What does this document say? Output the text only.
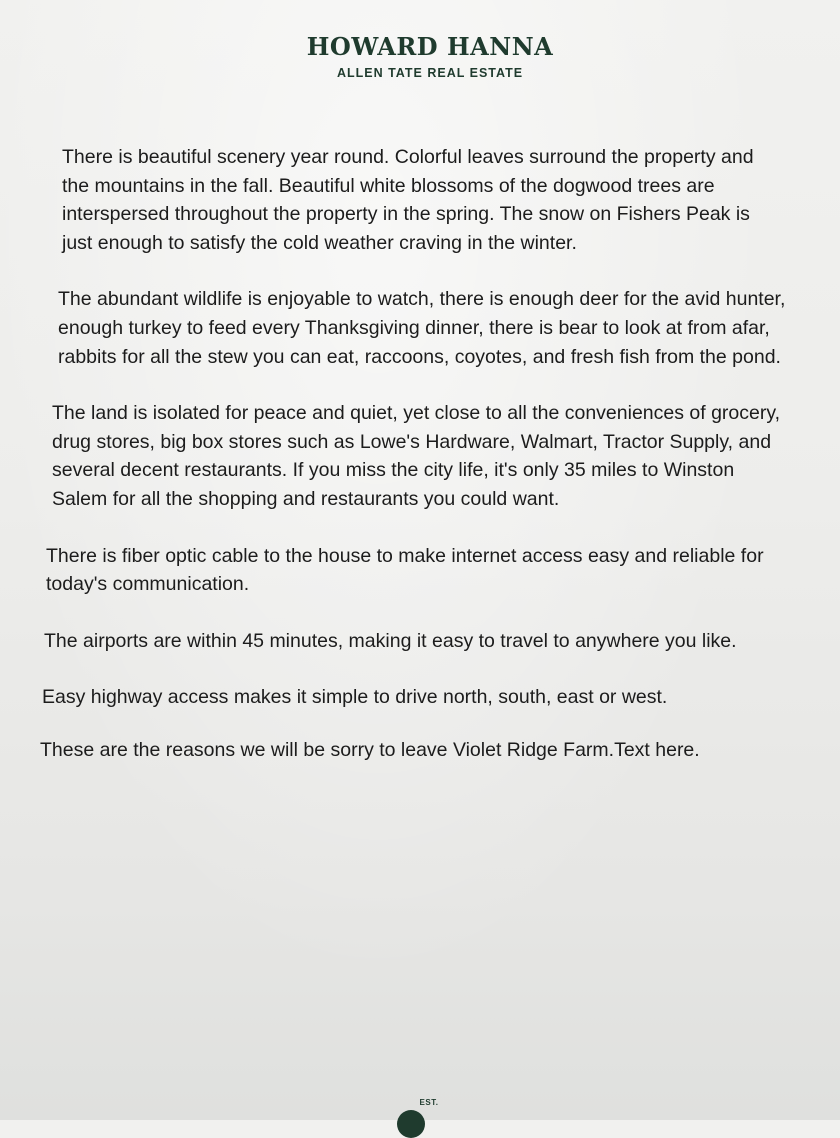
HOWARD HANNA
ALLEN TATE REAL ESTATE

There is beautiful scenery year round. Colorful leaves surround the property and the mountains in the fall. Beautiful white blossoms of the dogwood trees are interspersed throughout the property in the spring. The snow on Fishers Peak is just enough to satisfy the cold weather craving in the winter.

The abundant wildlife is enjoyable to watch, there is enough deer for the avid hunter, enough turkey to feed every Thanksgiving dinner, there is bear to look at from afar, rabbits for all the stew you can eat, raccoons, coyotes, and fresh fish from the pond.

The land is isolated for peace and quiet, yet close to all the conveniences of grocery, drug stores, big box stores such as Lowe's Hardware, Walmart, Tractor Supply, and several decent restaurants. If you miss the city life, it's only 35 miles to Winston Salem for all the shopping and restaurants you could want.

There is fiber optic cable to the house to make internet access easy and reliable for today's communication.

The airports are within 45 minutes, making it easy to travel to anywhere you like.

Easy highway access makes it simple to drive north, south, east or west.

These are the reasons we will be sorry to leave Violet Ridge Farm.Text here.

EST.
